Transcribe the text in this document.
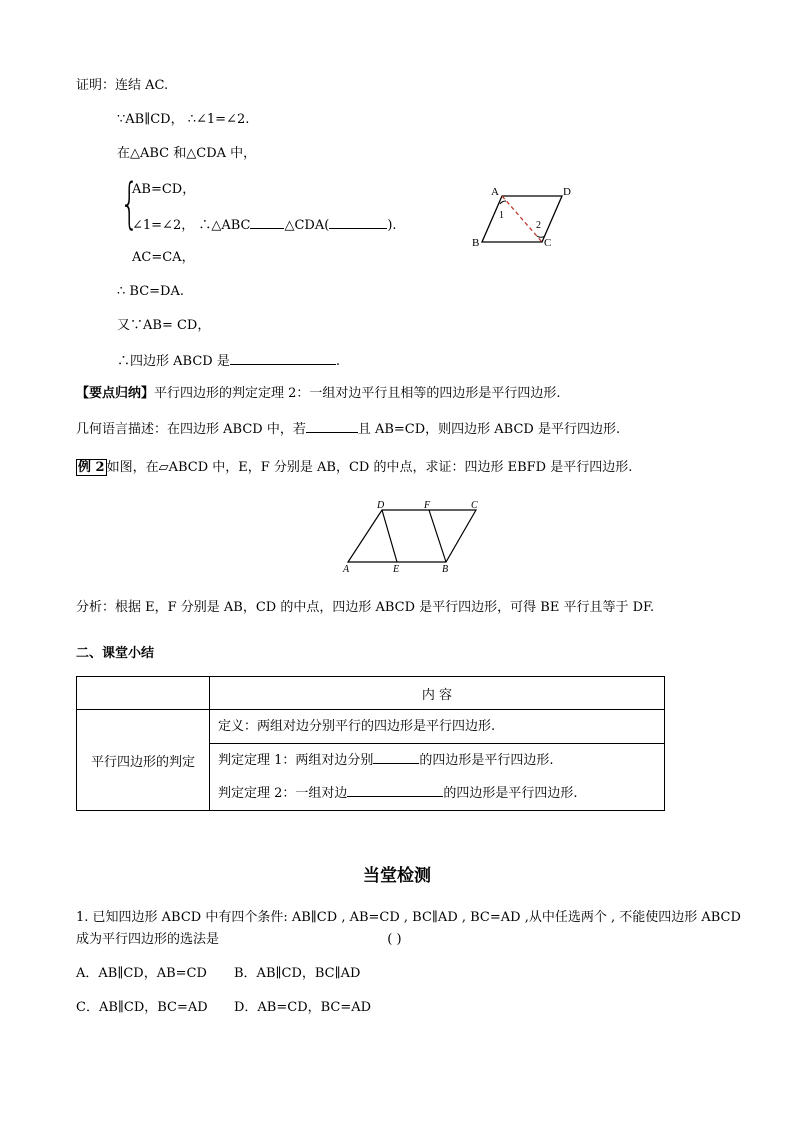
证明：连结 AC.
∵AB∥CD， ∴∠1=∠2.
在△ABC 和△CDA 中，
{
AB=CD，
∠1=∠2， ∴△ABC	△CDA(	).
AC=CA，
∴ BC=DA.
又∵AB= CD，
∴四边形 ABCD 是	.
A	D
B	C
1
2
【要点归纳】平行四边形的判定定理 2：一组对边平行且相等的四边形是平行四边形.
几何语言描述：在四边形 ABCD 中，若	且 AB=CD，则四边形 ABCD 是平行四边形.
例 2 如图，在▱ABCD 中，E，F 分别是 AB，CD 的中点，求证：四边形 EBFD 是平行四边形.
D	F	C
A	E	B
分析：根据 E，F 分别是 AB，CD 的中点，四边形 ABCD 是平行四边形，可得 BE 平行且等于 DF.
二、课堂小结
	内 容
平行四边形的判定	定义：两组对边分别平行的四边形是平行四边形.
判定定理 1：两组对边分别 的四边形是平行四边形.
判定定理 2：一组对边 的四边形是平行四边形.
当堂检测
1. 已知四边形 ABCD 中有四个条件: AB∥CD , AB=CD , BC∥AD , BC=AD ,从中任选两个 , 不能使四边形 ABCD
成为平行四边形的选法是	( )
A．AB∥CD，AB=CD B．AB∥CD，BC∥AD
C．AB∥CD，BC=AD D．AB=CD，BC=AD
